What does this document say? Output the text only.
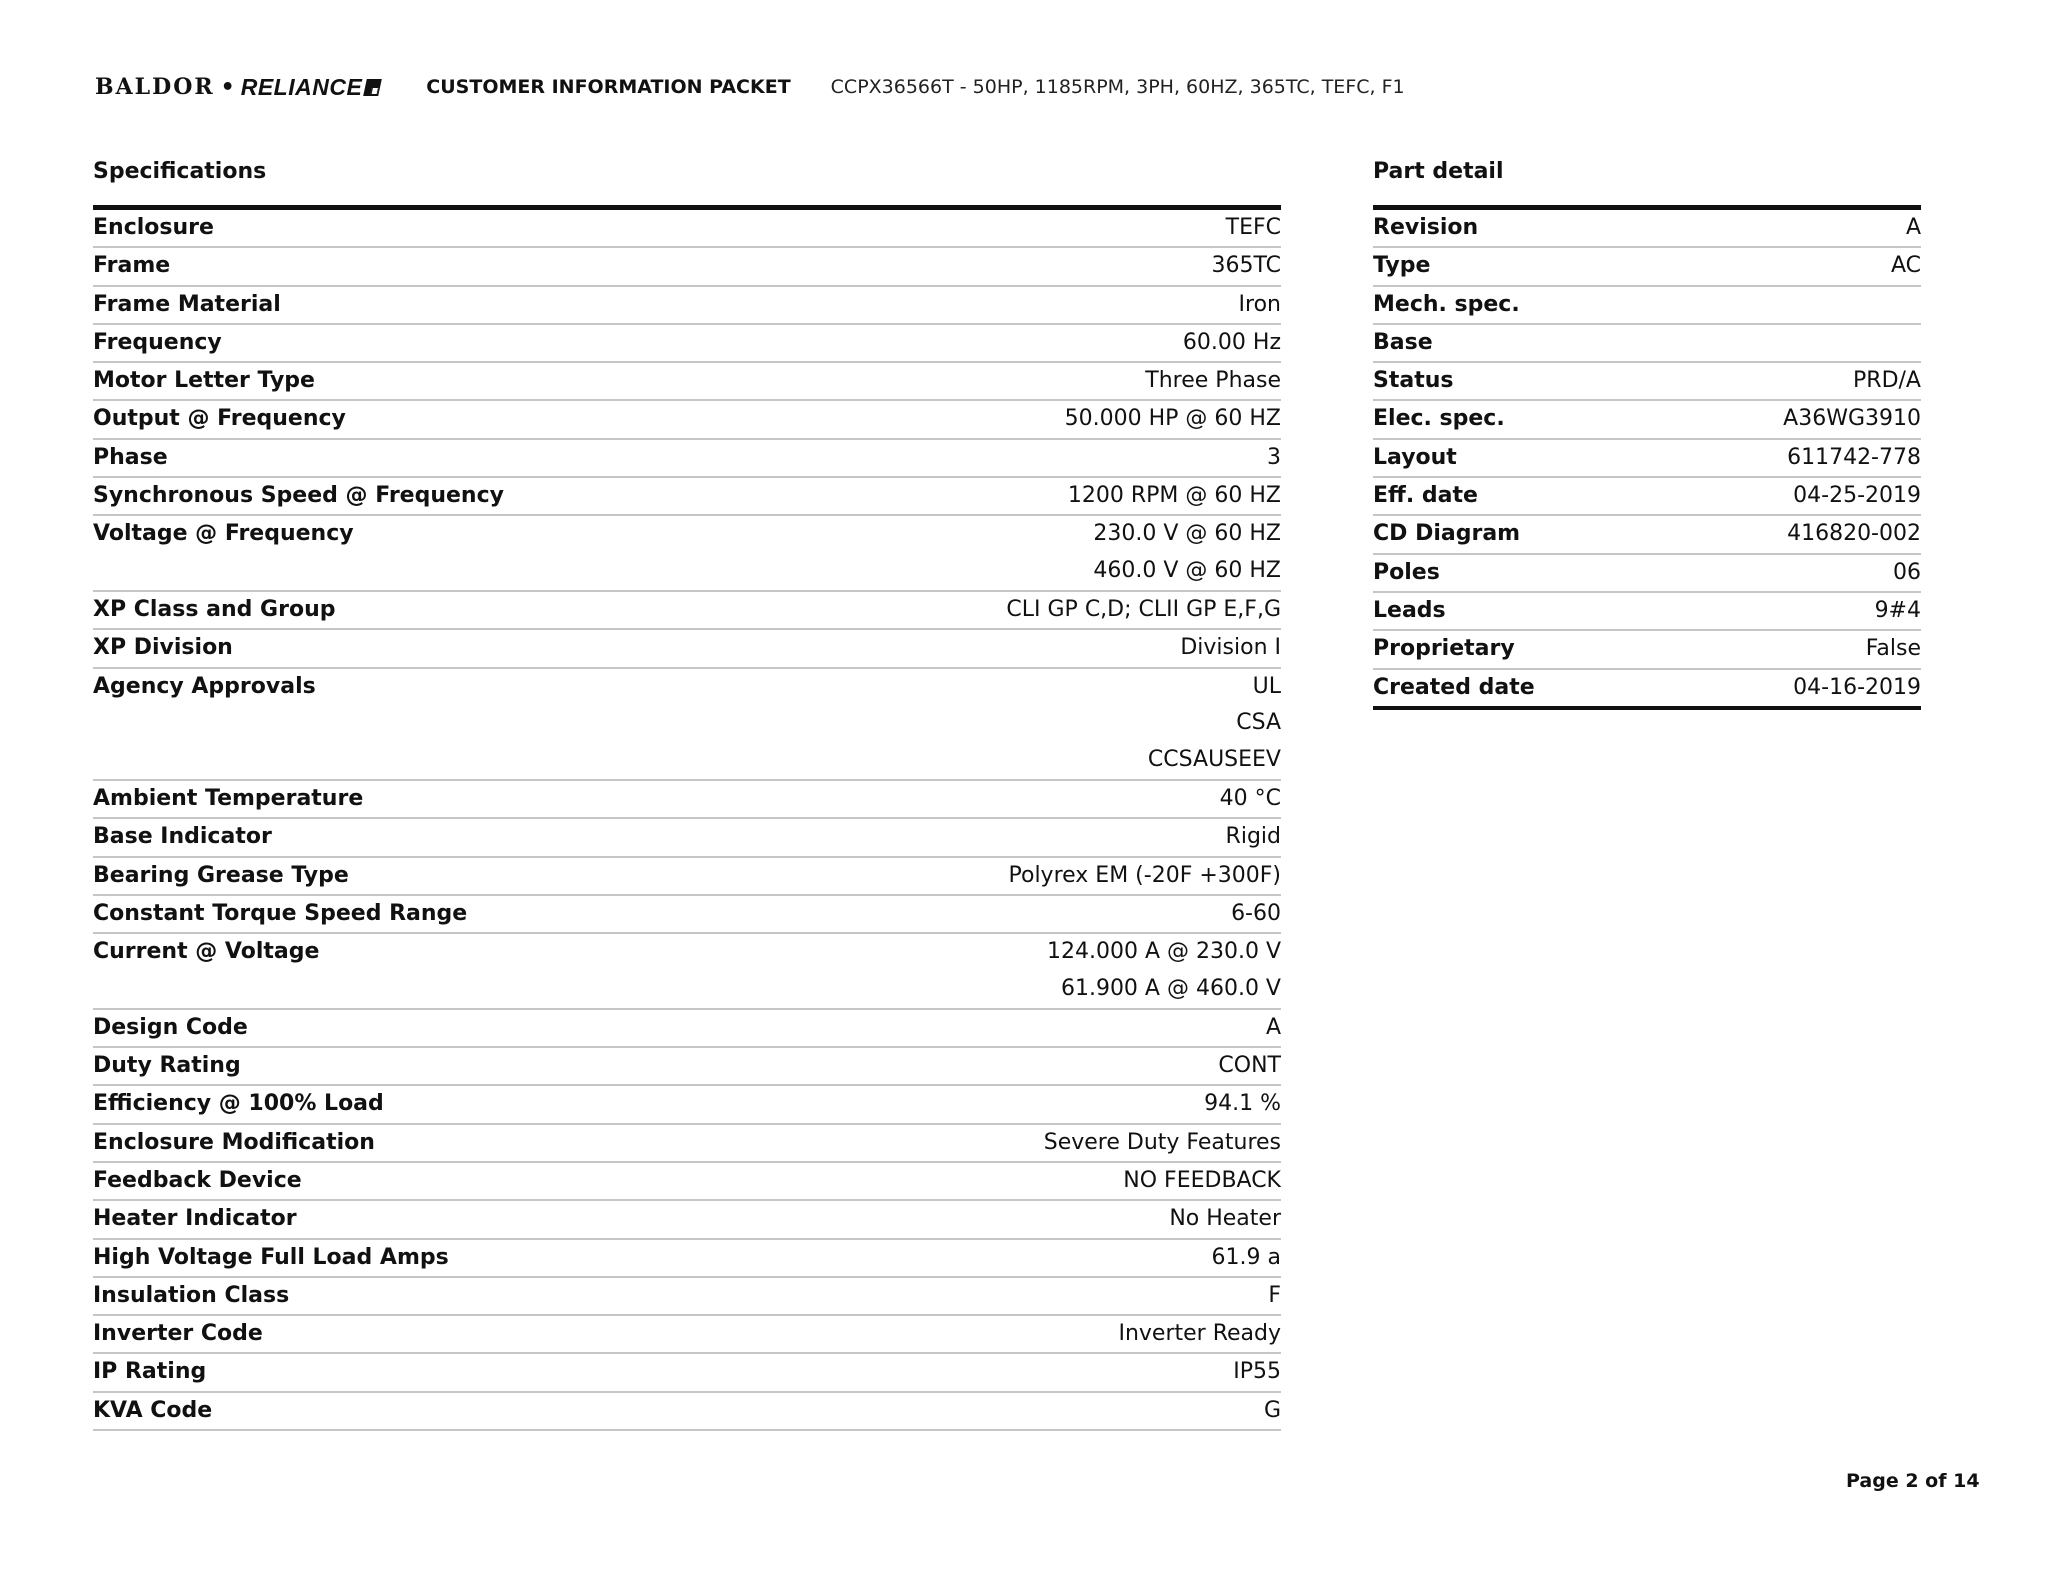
BALDOR • RELIANCE	CUSTOMER INFORMATION PACKET CCPX36566T - 50HP, 1185RPM, 3PH, 60HZ, 365TC, TEFC, F1
Specifications
Enclosure	TEFC
Frame	365TC
Frame Material	Iron
Frequency	60.00 Hz
Motor Letter Type	Three Phase
Output @ Frequency	50.000 HP @ 60 HZ
Phase	3
Synchronous Speed @ Frequency	1200 RPM @ 60 HZ
Voltage @ Frequency	230.0 V @ 60 HZ
460.0 V @ 60 HZ
XP Class and Group	CLI GP C,D; CLII GP E,F,G
XP Division	Division I
Agency Approvals	UL
CSA
CCSAUSEEV
Ambient Temperature	40 °C
Base Indicator	Rigid
Bearing Grease Type	Polyrex EM (-20F +300F)
Constant Torque Speed Range	6-60
Current @ Voltage	124.000 A @ 230.0 V
61.900 A @ 460.0 V
Design Code	A
Duty Rating	CONT
Efficiency @ 100% Load	94.1 %
Enclosure Modification	Severe Duty Features
Feedback Device	NO FEEDBACK
Heater Indicator	No Heater
High Voltage Full Load Amps	61.9 a
Insulation Class	F
Inverter Code	Inverter Ready
IP Rating	IP55
KVA Code	G
Part detail
Revision	A
Type	AC
Mech. spec.
Base
Status	PRD/A
Elec. spec.	A36WG3910
Layout	611742-778
Eff. date	04-25-2019
CD Diagram	416820-002
Poles	06
Leads	9#4
Proprietary	False
Created date	04-16-2019
Page 2 of 14
